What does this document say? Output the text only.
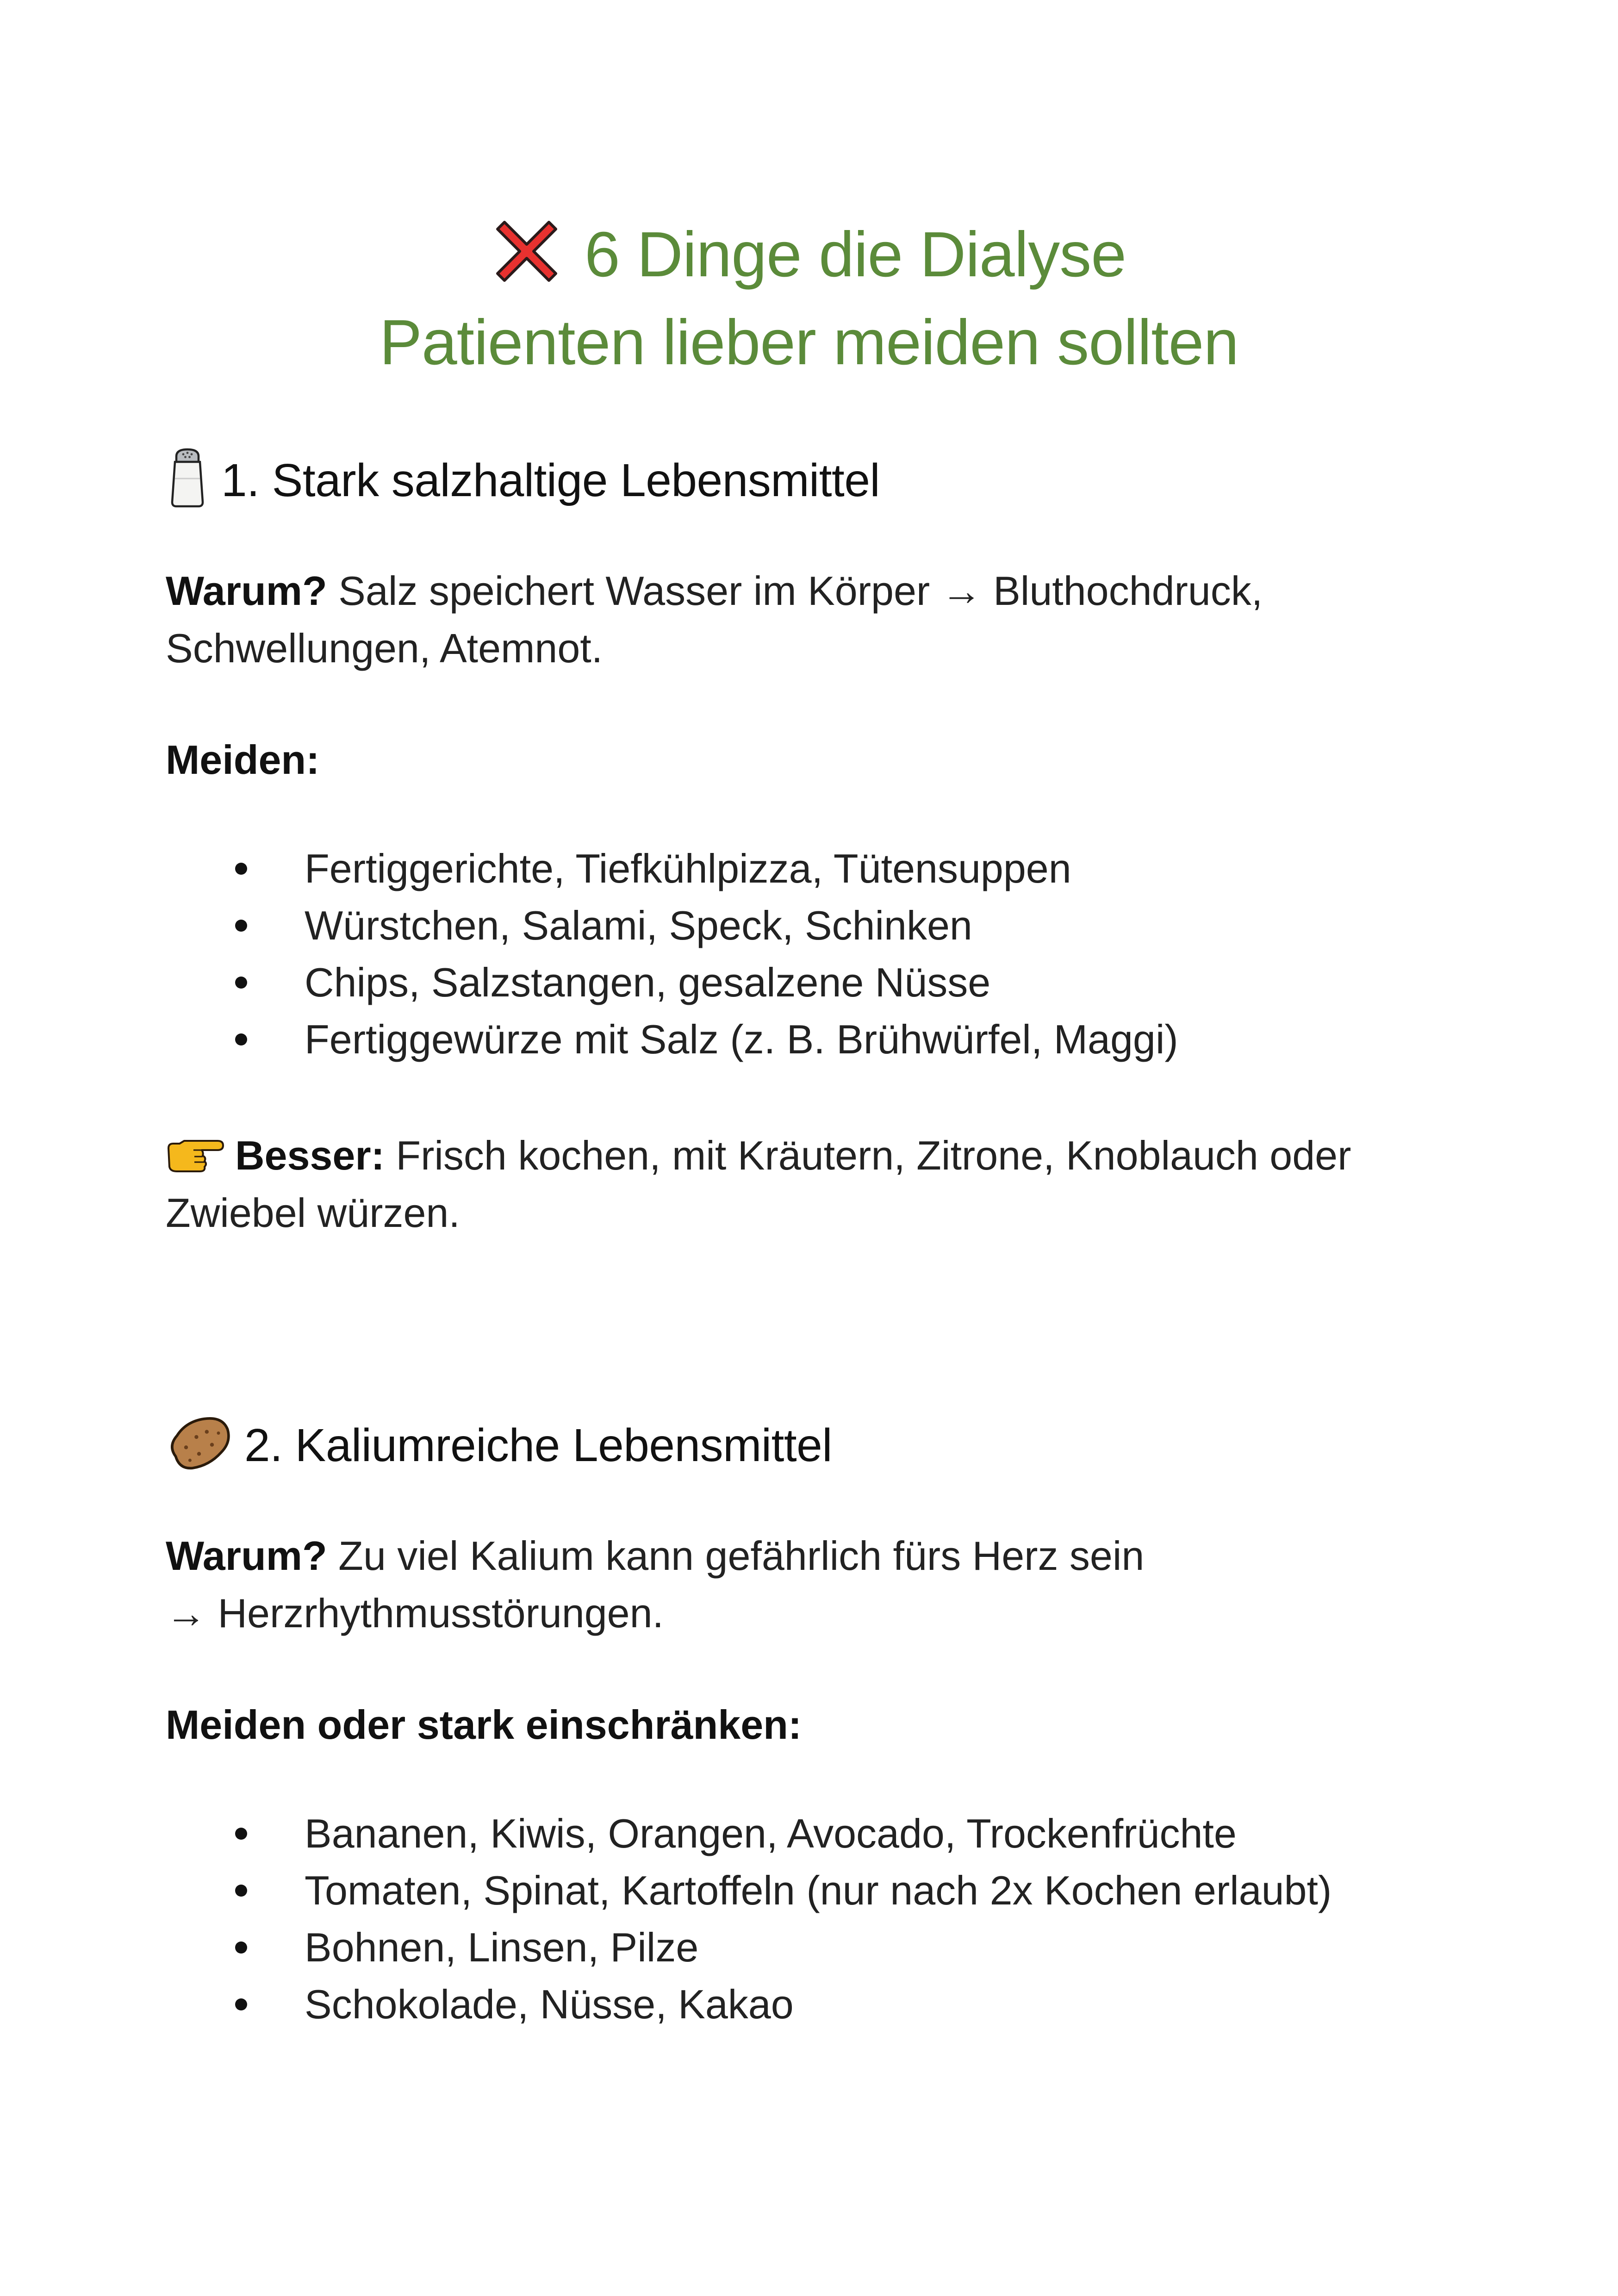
6 Dinge die Dialyse
Patienten lieber meiden sollten
1. Stark salzhaltige Lebensmittel
Warum? Salz speichert Wasser im Körper → Bluthochdruck,
Schwellungen, Atemnot.
Meiden:
Fertiggerichte, Tiefkühlpizza, Tütensuppen
Würstchen, Salami, Speck, Schinken
Chips, Salzstangen, gesalzene Nüsse
Fertiggewürze mit Salz (z. B. Brühwürfel, Maggi)
Besser: Frisch kochen, mit Kräutern, Zitrone, Knoblauch oder
Zwiebel würzen.
2. Kaliumreiche Lebensmittel
Warum? Zu viel Kalium kann gefährlich fürs Herz sein
→ Herzrhythmusstörungen.
Meiden oder stark einschränken:
Bananen, Kiwis, Orangen, Avocado, Trockenfrüchte
Tomaten, Spinat, Kartoffeln (nur nach 2x Kochen erlaubt)
Bohnen, Linsen, Pilze
Schokolade, Nüsse, Kakao
